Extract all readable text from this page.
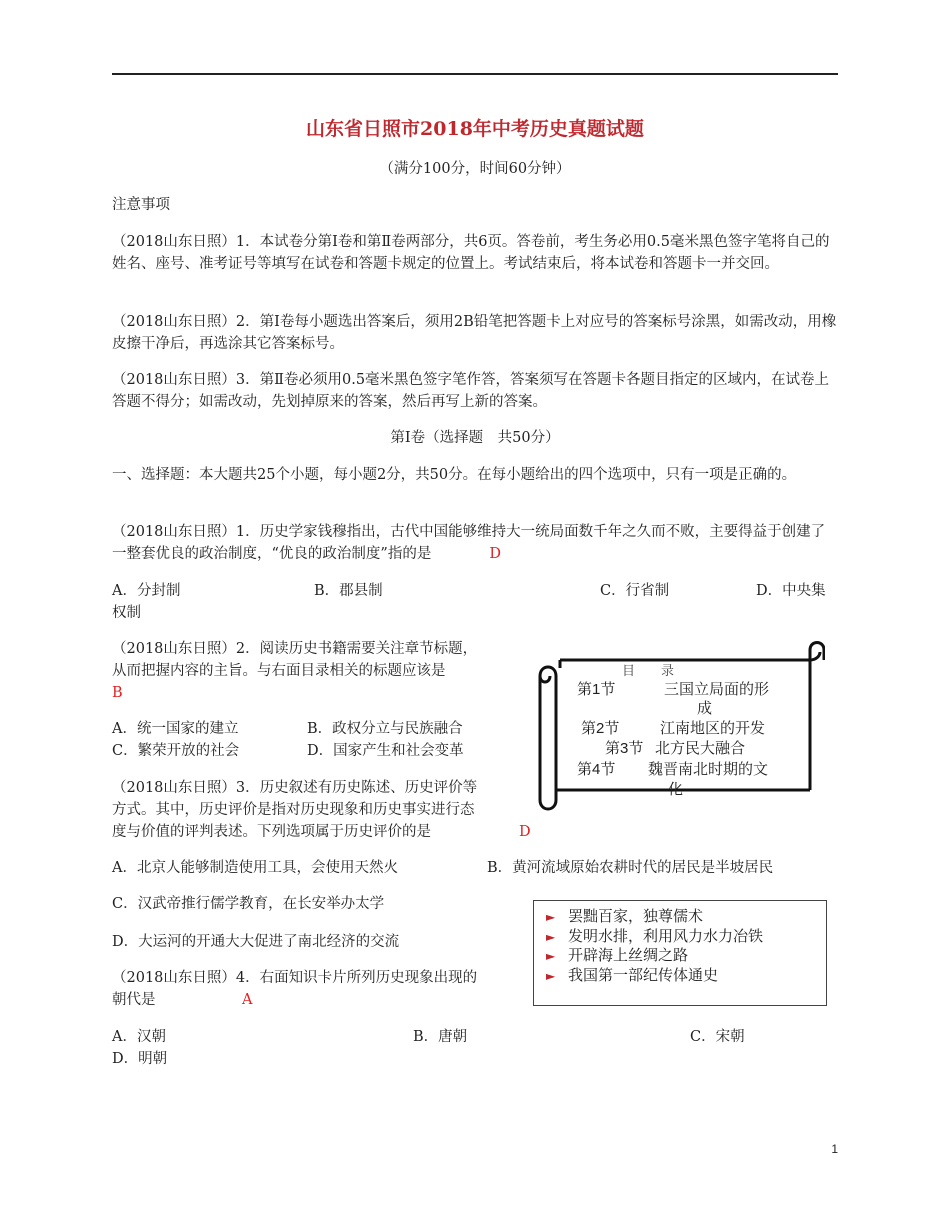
山东省日照市2018年中考历史真题试题
（满分100分，时间60分钟）
注意事项
（2018山东日照）1．本试卷分第Ⅰ卷和第Ⅱ卷两部分，共6页。答卷前，考生务必用0.5毫米黑色签字笔将自己的姓名、座号、准考证号等填写在试卷和答题卡规定的位置上。考试结束后，将本试卷和答题卡一并交回。
（2018山东日照）2．第Ⅰ卷每小题选出答案后，须用2B铅笔把答题卡上对应号的答案标号涂黑，如需改动，用橡皮擦干净后，再选涂其它答案标号。
（2018山东日照）3．第Ⅱ卷必须用0.5毫米黑色签字笔作答，答案须写在答题卡各题目指定的区域内，在试卷上答题不得分；如需改动，先划掉原来的答案，然后再写上新的答案。
第Ⅰ卷（选择题　共50分）
一、选择题：本大题共25个小题，每小题2分，共50分。在每小题给出的四个选项中，只有一项是正确的。
（2018山东日照）1．历史学家钱穆指出，古代中国能够维持大一统局面数千年之久而不败，主要得益于创建了一整套优良的政治制度，“优良的政治制度”指的是	D
A．分封制	B．郡县制	C．行省制	D．中央集权制
（2018山东日照）2．阅读历史书籍需要关注章节标题，
从而把握内容的主旨。与右面目录相关的标题应该是
B
A．统一国家的建立	B．政权分立与民族融合
C．繁荣开放的社会	D．国家产生和社会变革
目　　录
第1节	三国立局面的形
成
第2节	江南地区的开发
第3节 北方民大融合
第4节 魏晋南北时期的文
化
（2018山东日照）3．历史叙述有历史陈述、历史评价等
方式。其中，历史评价是指对历史现象和历史事实进行态
度与价值的评判表述。下列选项属于历史评价的是	D
A．北京人能够制造使用工具，会使用天然火	B．黄河流域原始农耕时代的居民是半坡居民
C．汉武帝推行儒学教育，在长安举办太学
D．大运河的开通大大促进了南北经济的交流
► 罢黜百家，独尊儒术
► 发明水排，利用风力水力冶铁
► 开辟海上丝绸之路
► 我国第一部纪传体通史
（2018山东日照）4．右面知识卡片所列历史现象出现的
朝代是	A
A．汉朝	B．唐朝	C．宋朝
D．明朝
1
